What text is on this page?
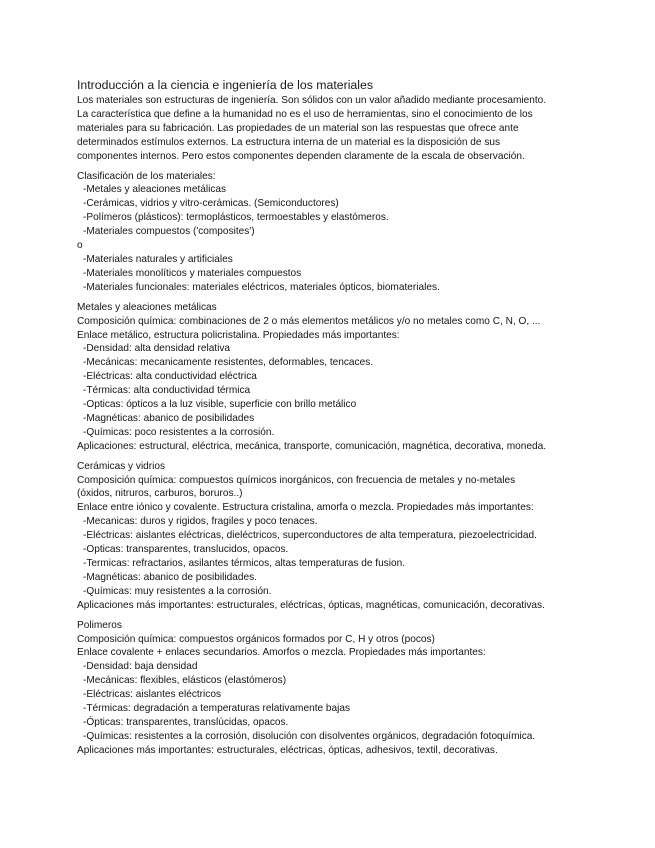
Introducción a la ciencia e ingeniería de los materiales
Los materiales son estructuras de ingeniería. Son sólidos con un valor añadido mediante procesamiento.
La característica que define a la humanidad no es el uso de herramientas, sino el conocimiento de los
materiales para su fabricación. Las propiedades de un material son las respuestas que ofrece ante
determinados estímulos externos. La estructura interna de un material es la disposición de sus
componentes internos. Pero estos componentes dependen claramente de la escala de observación.
Clasificación de los materiales:
-Metales y aleaciones metálicas
-Cerámicas, vidrios y vitro-cerámicas. (Semiconductores)
-Polímeros (plásticos): termoplásticos, termoestables y elastómeros.
-Materiales compuestos ('composites')
o
-Materiales naturales y artificiales
-Materiales monolíticos y materiales compuestos
-Materiales funcionales: materiales eléctricos, materiales ópticos, biomateriales.
Metales y aleaciones metálicas
Composición química: combinaciones de 2 o más elementos metálicos y/o no metales como C, N, O, ...
Enlace metálico, estructura policristalina. Propiedades más importantes:
-Densidad: alta densidad relativa
-Mecánicas: mecanicamente resistentes, deformables, tencaces.
-Eléctricas: alta conductividad eléctrica
-Térmicas: alta conductividad térmica
-Opticas: ópticos a la luz visible, superficie con brillo metálico
-Magnéticas: abanico de posibilidades
-Químicas: poco resistentes a la corrosión.
Aplicaciones: estructural, eléctrica, mecánica, transporte, comunicación, magnética, decorativa, moneda.
Cerámicas y vidrios
Composición química: compuestos químicos inorgánicos, con frecuencia de metales y no-metales
(óxidos, nitruros, carburos, boruros..)
Enlace entre iónico y covalente. Estructura cristalina, amorfa o mezcla. Propiedades más importantes:
-Mecanicas: duros y rigidos, fragiles y poco tenaces.
-Eléctricas: aislantes eléctricas, dieléctricos, superconductores de alta temperatura, piezoelectricidad.
-Opticas: transparentes, translucidos, opacos.
-Termicas: refractarios, asilantes térmicos, altas temperaturas de fusion.
-Magnéticas: abanico de posibilidades.
-Químicas: muy resistentes a la corrosión.
Aplicaciones más importantes: estructurales, eléctricas, ópticas, magnéticas, comunicación, decorativas.
Polimeros
Composición química: compuestos orgánicos formados por C, H y otros (pocos)
Enlace covalente + enlaces secundarios. Amorfos o mezcla. Propiedades más importantes:
-Densidad: baja densidad
-Mecánicas: flexibles, elásticos (elastómeros)
-Eléctricas: aislantes eléctricos
-Térmicas: degradación a temperaturas relativamente bajas
-Ópticas: transparentes, translúcidas, opacos.
-Químicas: resistentes a la corrosión, disolución con disolventes orgánicos, degradación fotoquímica.
Aplicaciones más importantes: estructurales, eléctricas, ópticas, adhesivos, textil, decorativas.
